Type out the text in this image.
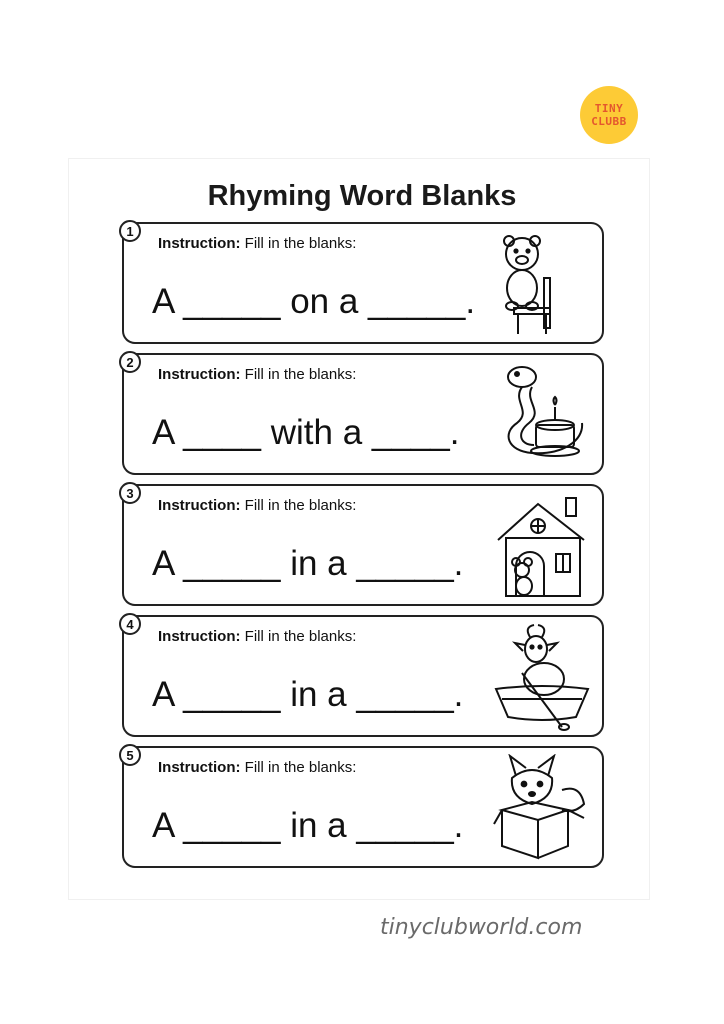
TINY
CLUBB
Rhyming Word Blanks
1
Instruction: Fill in the blanks:
A _____ on a _____.
2
Instruction: Fill in the blanks:
A ____ with a ____.
3
Instruction: Fill in the blanks:
A _____ in a _____.
4
Instruction: Fill in the blanks:
A _____ in a _____.
5
Instruction: Fill in the blanks:
A _____ in a _____.
tinyclubworld.com
